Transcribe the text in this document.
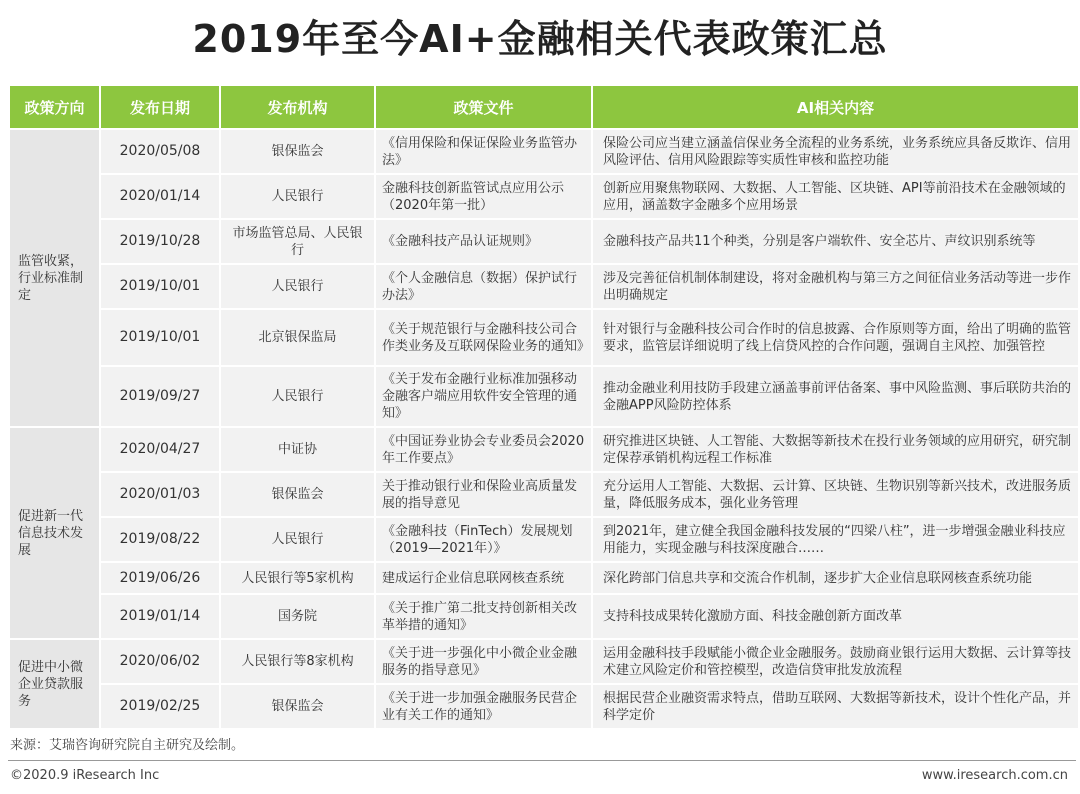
2019年至今AI+金融相关代表政策汇总
政策方向	发布日期	发布机构	政策文件	AI相关内容
监管收紧，行业标准制定	2020/05/08	银保监会	《信用保险和保证保险业务监管办法》	保险公司应当建立涵盖信保业务全流程的业务系统，业务系统应具备反欺诈、信用风险评估、信用风险跟踪等实质性审核和监控功能
	2020/01/14	人民银行	金融科技创新监管试点应用公示（2020年第一批）	创新应用聚焦物联网、大数据、人工智能、区块链、API等前沿技术在金融领域的应用，涵盖数字金融多个应用场景
	2019/10/28	市场监管总局、人民银行	《金融科技产品认证规则》	金融科技产品共11个种类，分别是客户端软件、安全芯片、声纹识别系统等
	2019/10/01	人民银行	《个人金融信息（数据）保护试行办法》	涉及完善征信机制体制建设，将对金融机构与第三方之间征信业务活动等进一步作出明确规定
	2019/10/01	北京银保监局	《关于规范银行与金融科技公司合作类业务及互联网保险业务的通知》	针对银行与金融科技公司合作时的信息披露、合作原则等方面，给出了明确的监管要求，监管层详细说明了线上信贷风控的合作问题，强调自主风控、加强管控
	2019/09/27	人民银行	《关于发布金融行业标准加强移动金融客户端应用软件安全管理的通知》	推动金融业利用技防手段建立涵盖事前评估备案、事中风险监测、事后联防共治的金融APP风险防控体系
促进新一代信息技术发展	2020/04/27	中证协	《中国证券业协会专业委员会2020年工作要点》	研究推进区块链、人工智能、大数据等新技术在投行业务领域的应用研究，研究制定保荐承销机构远程工作标准
	2020/01/03	银保监会	关于推动银行业和保险业高质量发展的指导意见	充分运用人工智能、大数据、云计算、区块链、生物识别等新兴技术，改进服务质量，降低服务成本，强化业务管理
	2019/08/22	人民银行	《金融科技（FinTech）发展规划（2019—2021年）》	到2021年，建立健全我国金融科技发展的“四梁八柱”，进一步增强金融业科技应用能力，实现金融与科技深度融合……
	2019/06/26	人民银行等5家机构	建成运行企业信息联网核查系统	深化跨部门信息共享和交流合作机制，逐步扩大企业信息联网核查系统功能
	2019/01/14	国务院	《关于推广第二批支持创新相关改革举措的通知》	支持科技成果转化激励方面、科技金融创新方面改革
促进中小微企业贷款服务	2020/06/02	人民银行等8家机构	《关于进一步强化中小微企业金融服务的指导意见》	运用金融科技手段赋能小微企业金融服务。鼓励商业银行运用大数据、云计算等技术建立风险定价和管控模型，改造信贷审批发放流程
	2019/02/25	银保监会	《关于进一步加强金融服务民营企业有关工作的通知》	根据民营企业融资需求特点，借助互联网、大数据等新技术，设计个性化产品，并科学定价
来源：艾瑞咨询研究院自主研究及绘制。
©2020.9 iResearch Inc	www.iresearch.com.cn
